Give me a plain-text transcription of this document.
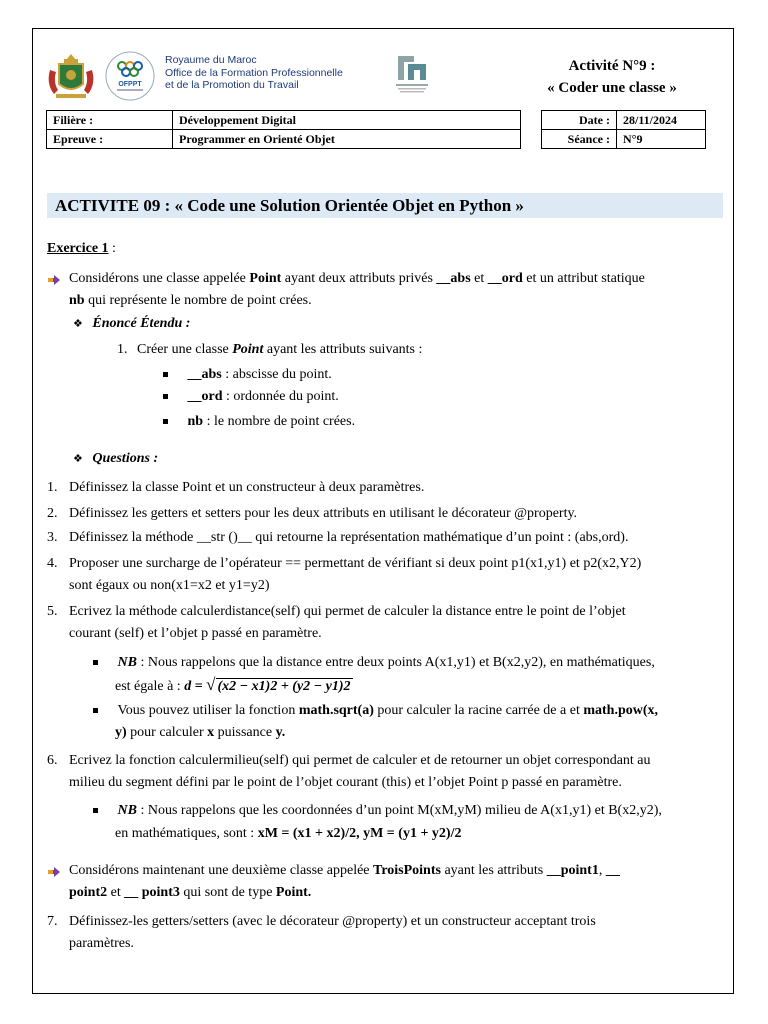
OFPPT
Royaume du Maroc
Office de la Formation Professionnelle
et de la Promotion du Travail
Activité N°9 :
« Coder une classe »
Filière :	Développement Digital
Epreuve :	Programmer en Orienté Objet
Date :	28/11/2024
Séance :	N°9
ACTIVITE 09 : « Code une Solution Orientée Objet en Python »
Exercice 1 :
Considérons une classe appelée Point ayant deux attributs privés __abs et __ord et un attribut statique
nb qui représente le nombre de point crées.
❖ Énoncé Étendu :
1. Créer une classe Point ayant les attributs suivants :
__abs : abscisse du point.
__ord : ordonnée du point.
nb : le nombre de point crées.
❖ Questions :
1. Définissez la classe Point et un constructeur à deux paramètres.
2. Définissez les getters et setters pour les deux attributs en utilisant le décorateur @property.
3. Définissez la méthode __str ()__ qui retourne la représentation mathématique d’un point : (abs,ord).
4. Proposer une surcharge de l’opérateur == permettant de vérifiant si deux point p1(x1,y1) et p2(x2,Y2)
sont égaux ou non(x1=x2 et y1=y2)
5. Ecrivez la méthode calculerdistance(self) qui permet de calculer la distance entre le point de l’objet
courant (self) et l’objet p passé en paramètre.
NB : Nous rappelons que la distance entre deux points A(x1,y1) et B(x2,y2), en mathématiques,
est égale à : d = √ (x2 − x1)2 + (y2 − y1)2
Vous pouvez utiliser la fonction math.sqrt(a) pour calculer la racine carrée de a et math.pow(x,
y) pour calculer x puissance y.
6. Ecrivez la fonction calculermilieu(self) qui permet de calculer et de retourner un objet correspondant au
milieu du segment défini par le point de l’objet courant (this) et l’objet Point p passé en paramètre.
NB : Nous rappelons que les coordonnées d’un point M(xM,yM) milieu de A(x1,y1) et B(x2,y2),
en mathématiques, sont : xM = (x1 + x2)/2, yM = (y1 + y2)/2
Considérons maintenant une deuxième classe appelée TroisPoints ayant les attributs __point1, __
point2 et __ point3 qui sont de type Point.
7. Définissez-les getters/setters (avec le décorateur @property) et un constructeur acceptant trois
paramètres.
